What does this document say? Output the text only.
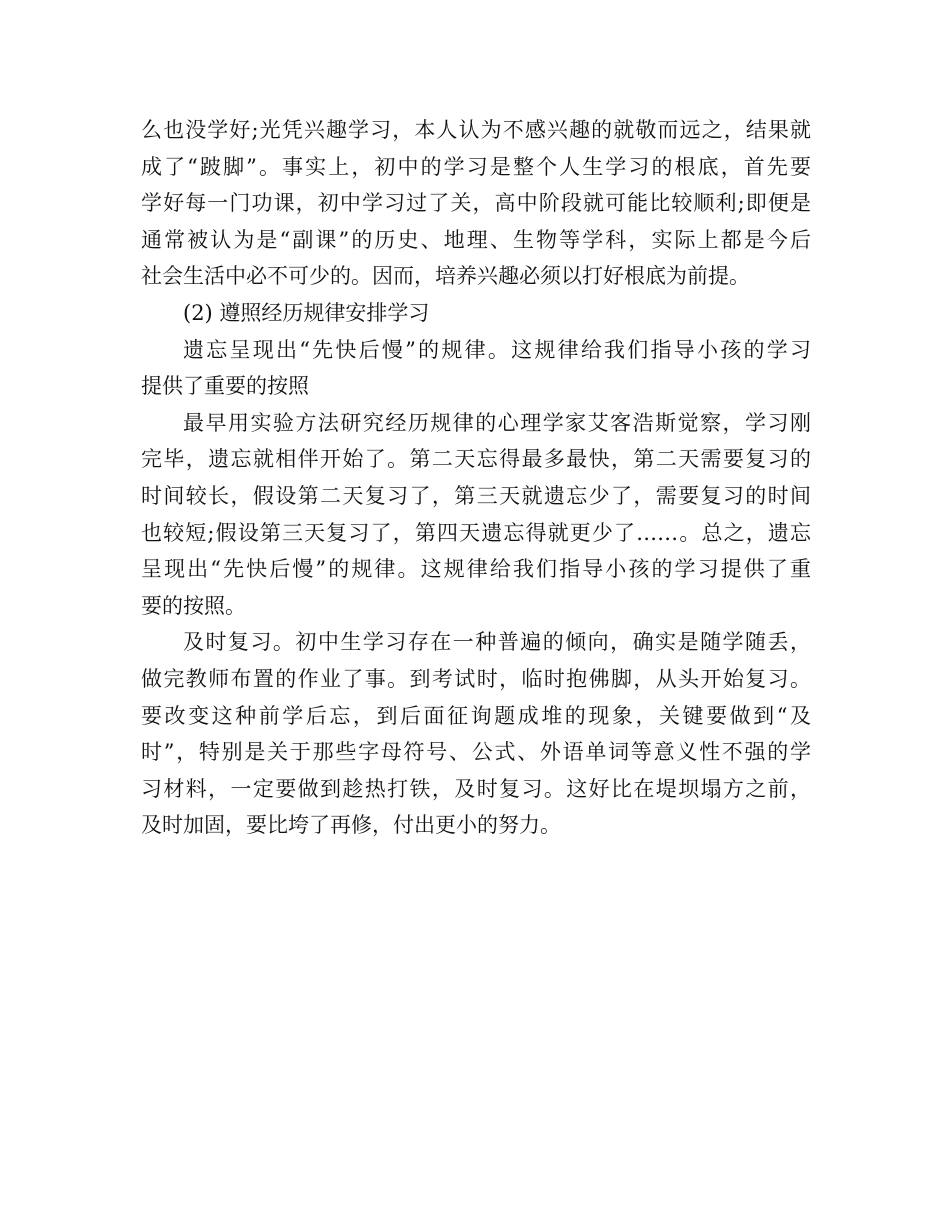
么也没学好;光凭兴趣学习，本人认为不感兴趣的就敬而远之，结果就
成了“跛脚”。事实上，初中的学习是整个人生学习的根底，首先要
学好每一门功课，初中学习过了关，高中阶段就可能比较顺利;即便是
通常被认为是“副课”的历史、地理、生物等学科，实际上都是今后
社会生活中必不可少的。因而，培养兴趣必须以打好根底为前提。
(2) 遵照经历规律安排学习
遗忘呈现出“先快后慢”的规律。这规律给我们指导小孩的学习
提供了重要的按照
最早用实验方法研究经历规律的心理学家艾客浩斯觉察，学习刚
完毕，遗忘就相伴开始了。第二天忘得最多最快，第二天需要复习的
时间较长，假设第二天复习了，第三天就遗忘少了，需要复习的时间
也较短;假设第三天复习了，第四天遗忘得就更少了……。总之，遗忘
呈现出“先快后慢”的规律。这规律给我们指导小孩的学习提供了重
要的按照。
及时复习。初中生学习存在一种普遍的倾向，确实是随学随丢，
做完教师布置的作业了事。到考试时，临时抱佛脚，从头开始复习。
要改变这种前学后忘，到后面征询题成堆的现象，关键要做到“及
时”，特别是关于那些字母符号、公式、外语单词等意义性不强的学
习材料，一定要做到趁热打铁，及时复习。这好比在堤坝塌方之前，
及时加固，要比垮了再修，付出更小的努力。
